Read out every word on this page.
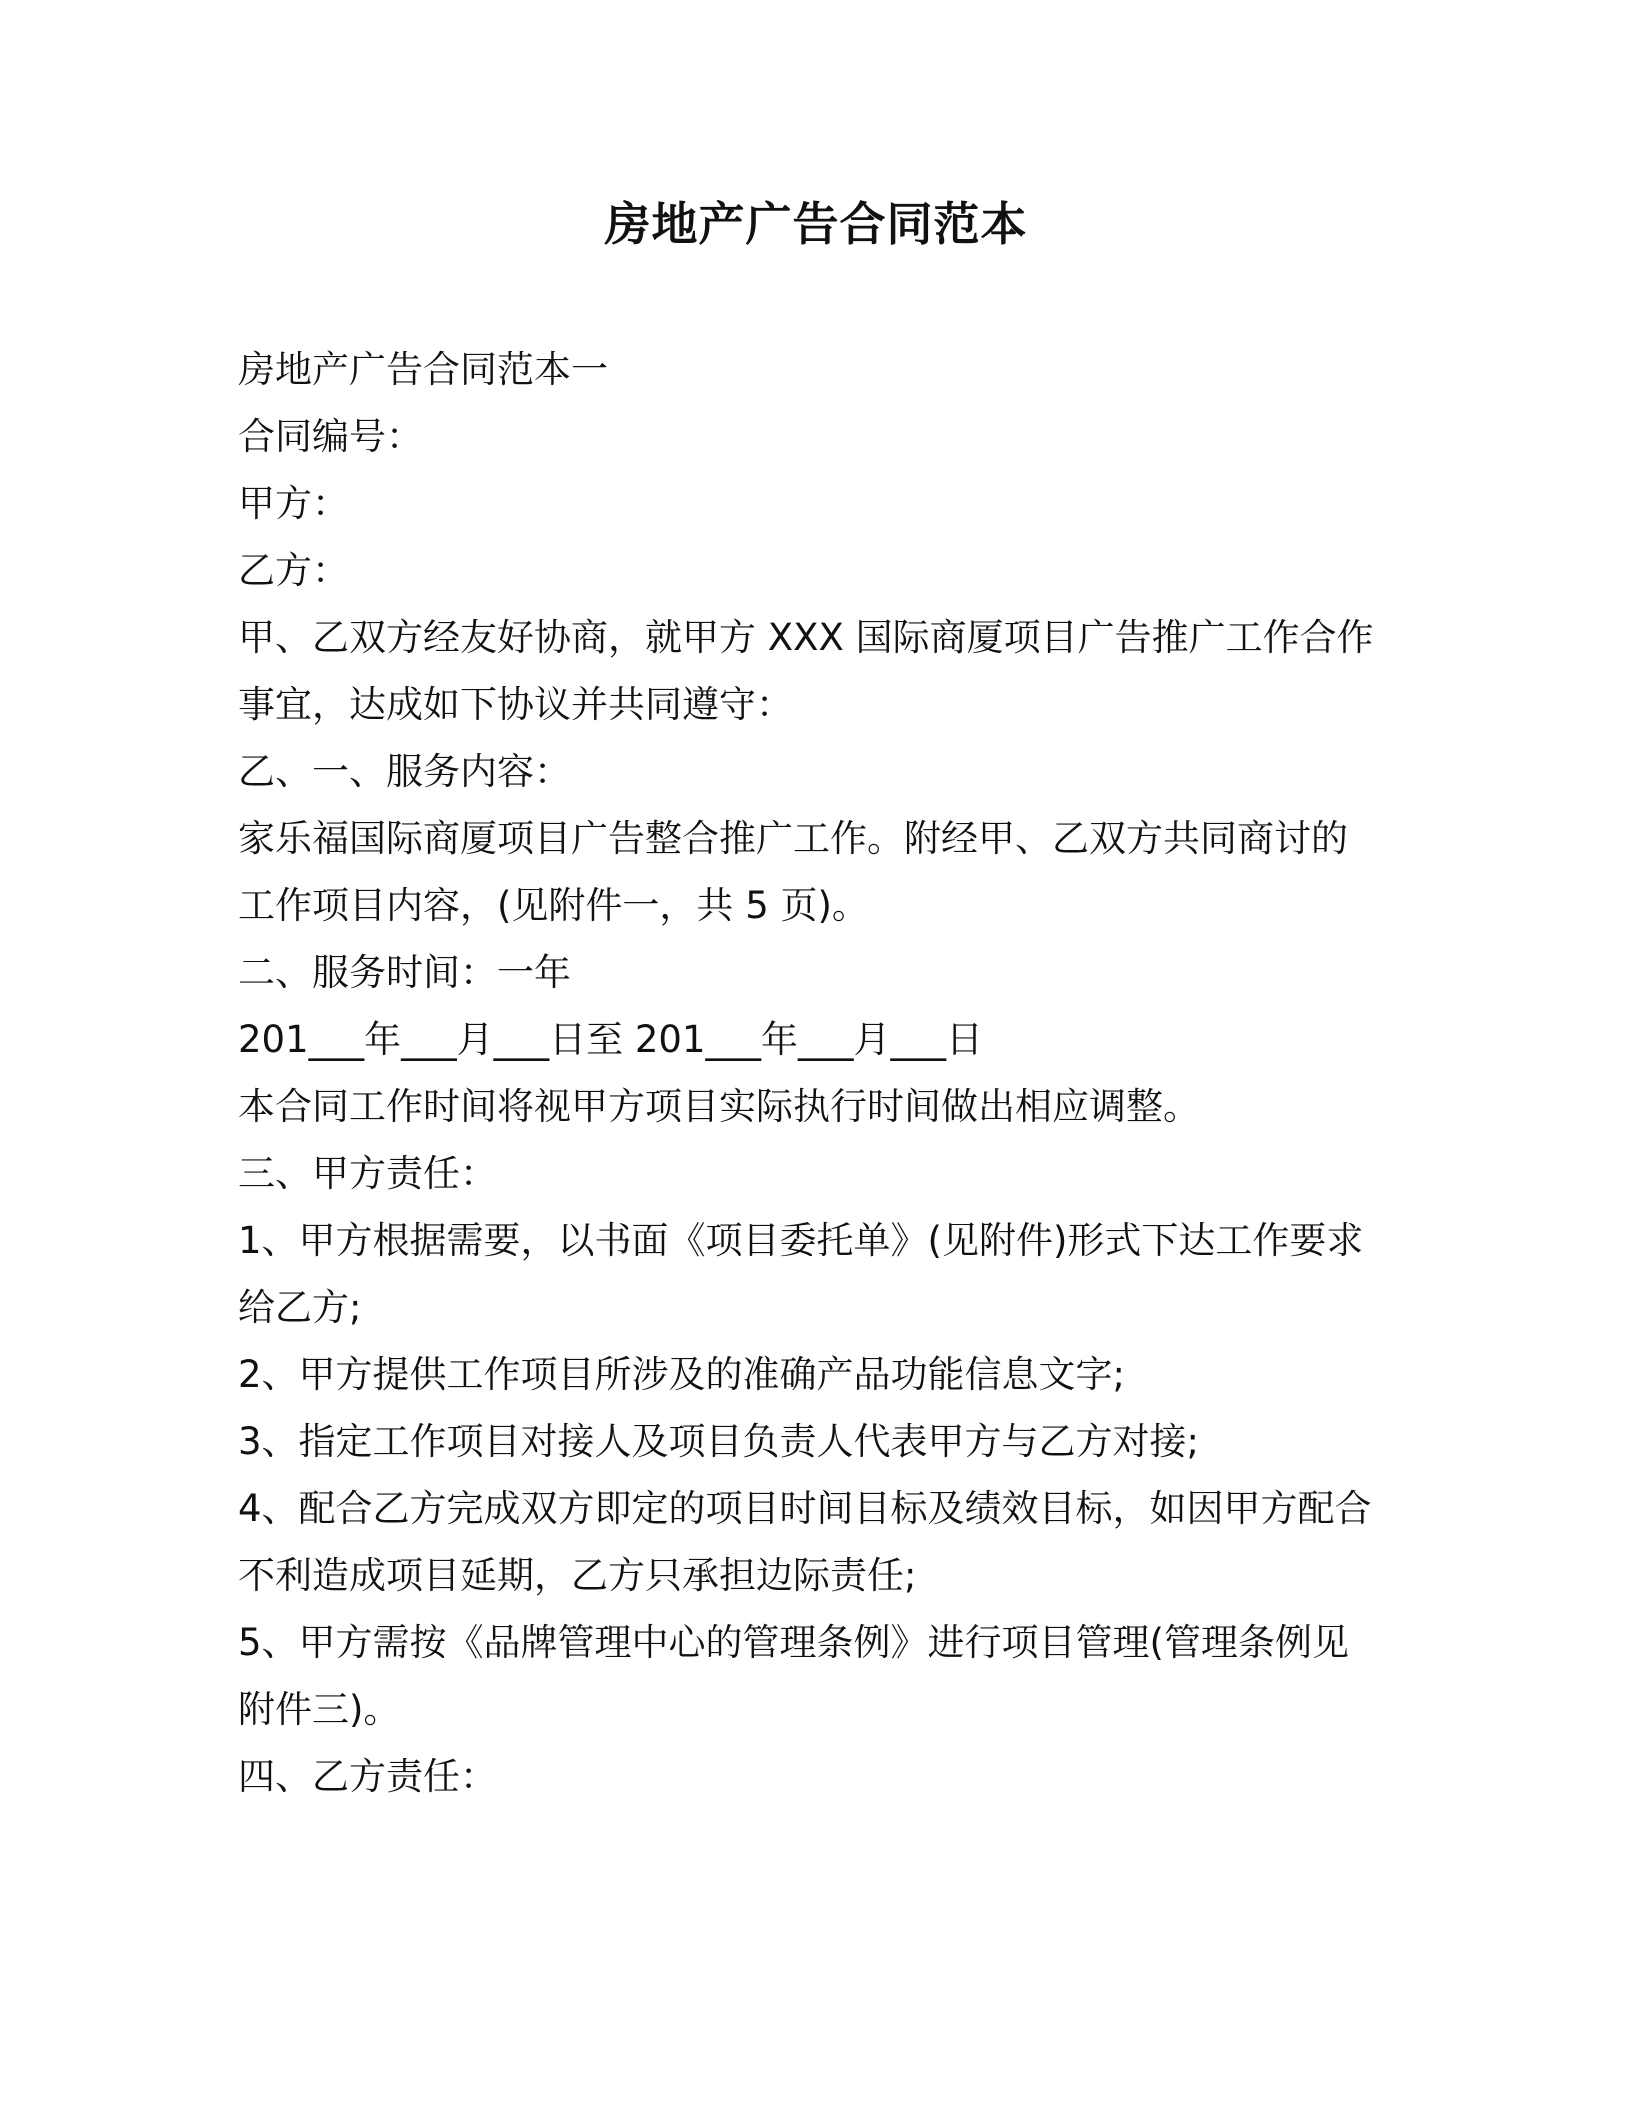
房地产广告合同范本
房地产广告合同范本一
合同编号：
甲方：
乙方：
甲、乙双方经友好协商，就甲方 XXX 国际商厦项目广告推广工作合作
事宜，达成如下协议并共同遵守：
乙、一、服务内容：
家乐福国际商厦项目广告整合推广工作。附经甲、乙双方共同商讨的
工作项目内容，(见附件一，共 5 页)。
二、服务时间：一年
201___年___月___日至 201___年___月___日
本合同工作时间将视甲方项目实际执行时间做出相应调整。
三、甲方责任：
1、甲方根据需要，以书面《项目委托单》(见附件)形式下达工作要求
给乙方;
2、甲方提供工作项目所涉及的准确产品功能信息文字;
3、指定工作项目对接人及项目负责人代表甲方与乙方对接;
4、配合乙方完成双方即定的项目时间目标及绩效目标，如因甲方配合
不利造成项目延期，乙方只承担边际责任;
5、甲方需按《品牌管理中心的管理条例》进行项目管理(管理条例见
附件三)。
四、乙方责任：
